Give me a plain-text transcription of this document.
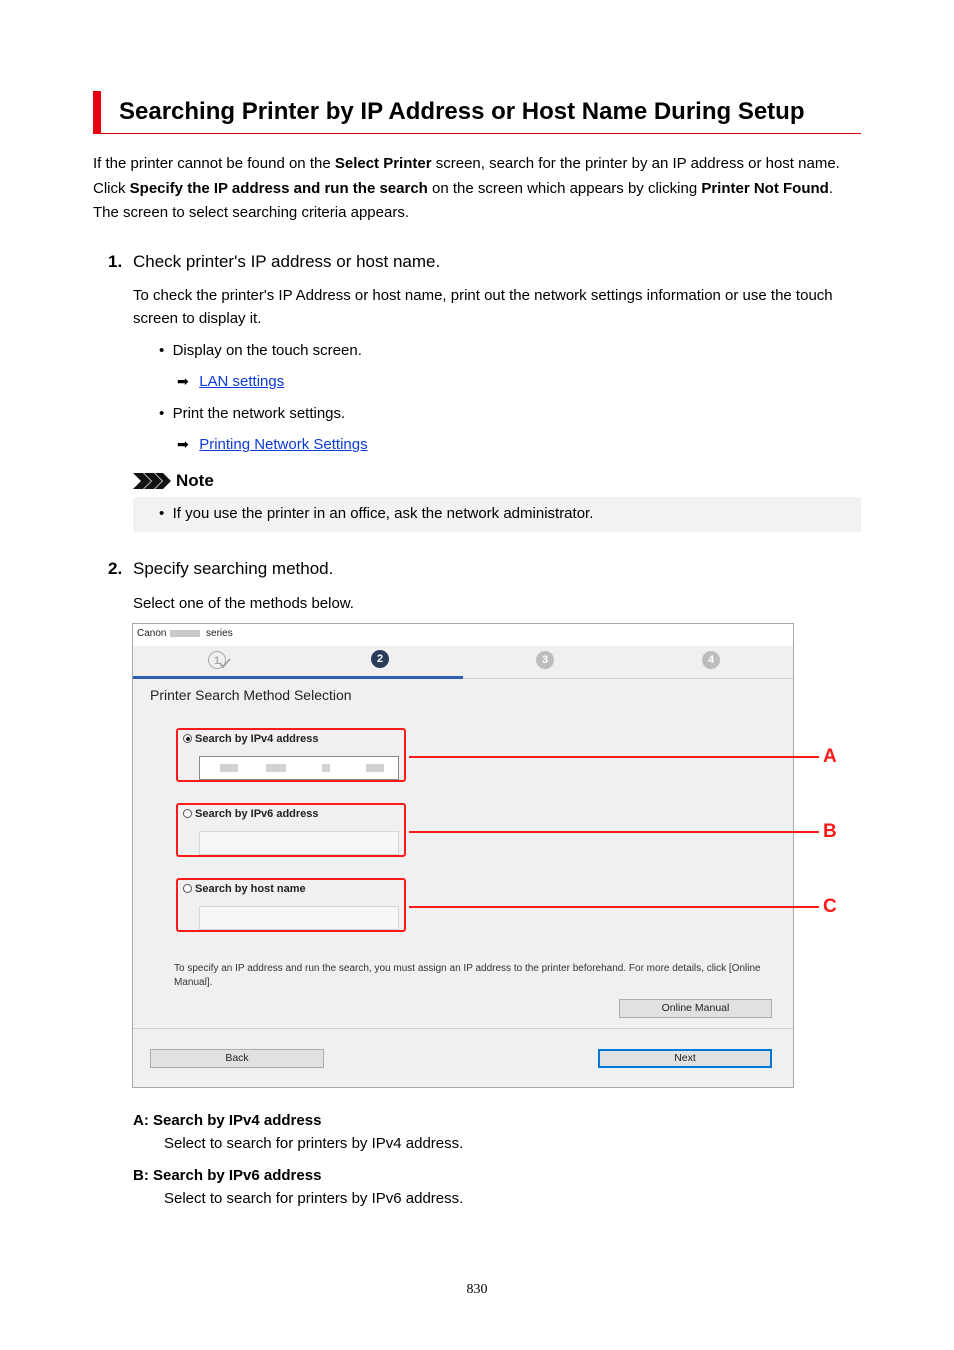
Searching Printer by IP Address or Host Name During Setup
If the printer cannot be found on the Select Printer screen, search for the printer by an IP address or host name. Click Specify the IP address and run the search on the screen which appears by clicking Printer Not Found. The screen to select searching criteria appears.
1. Check printer's IP address or host name.
To check the printer's IP Address or host name, print out the network settings information or use the touch screen to display it.
•  Display on the touch screen.
➡ LAN settings
•  Print the network settings.
➡ Printing Network Settings
Note
•  If you use the printer in an office, ask the network administrator.
2. Specify searching method.
Select one of the methods below.
Canon	series
1	2	3	4
Printer Search Method Selection
Search by IPv4 address
Search by IPv6 address
Search by host name
To specify an IP address and run the search, you must assign an IP address to the printer beforehand. For more details, click [Online Manual].
Online Manual
Back	Next
A
B
C
A: Search by IPv4 address
Select to search for printers by IPv4 address.
B: Search by IPv6 address
Select to search for printers by IPv6 address.
830
